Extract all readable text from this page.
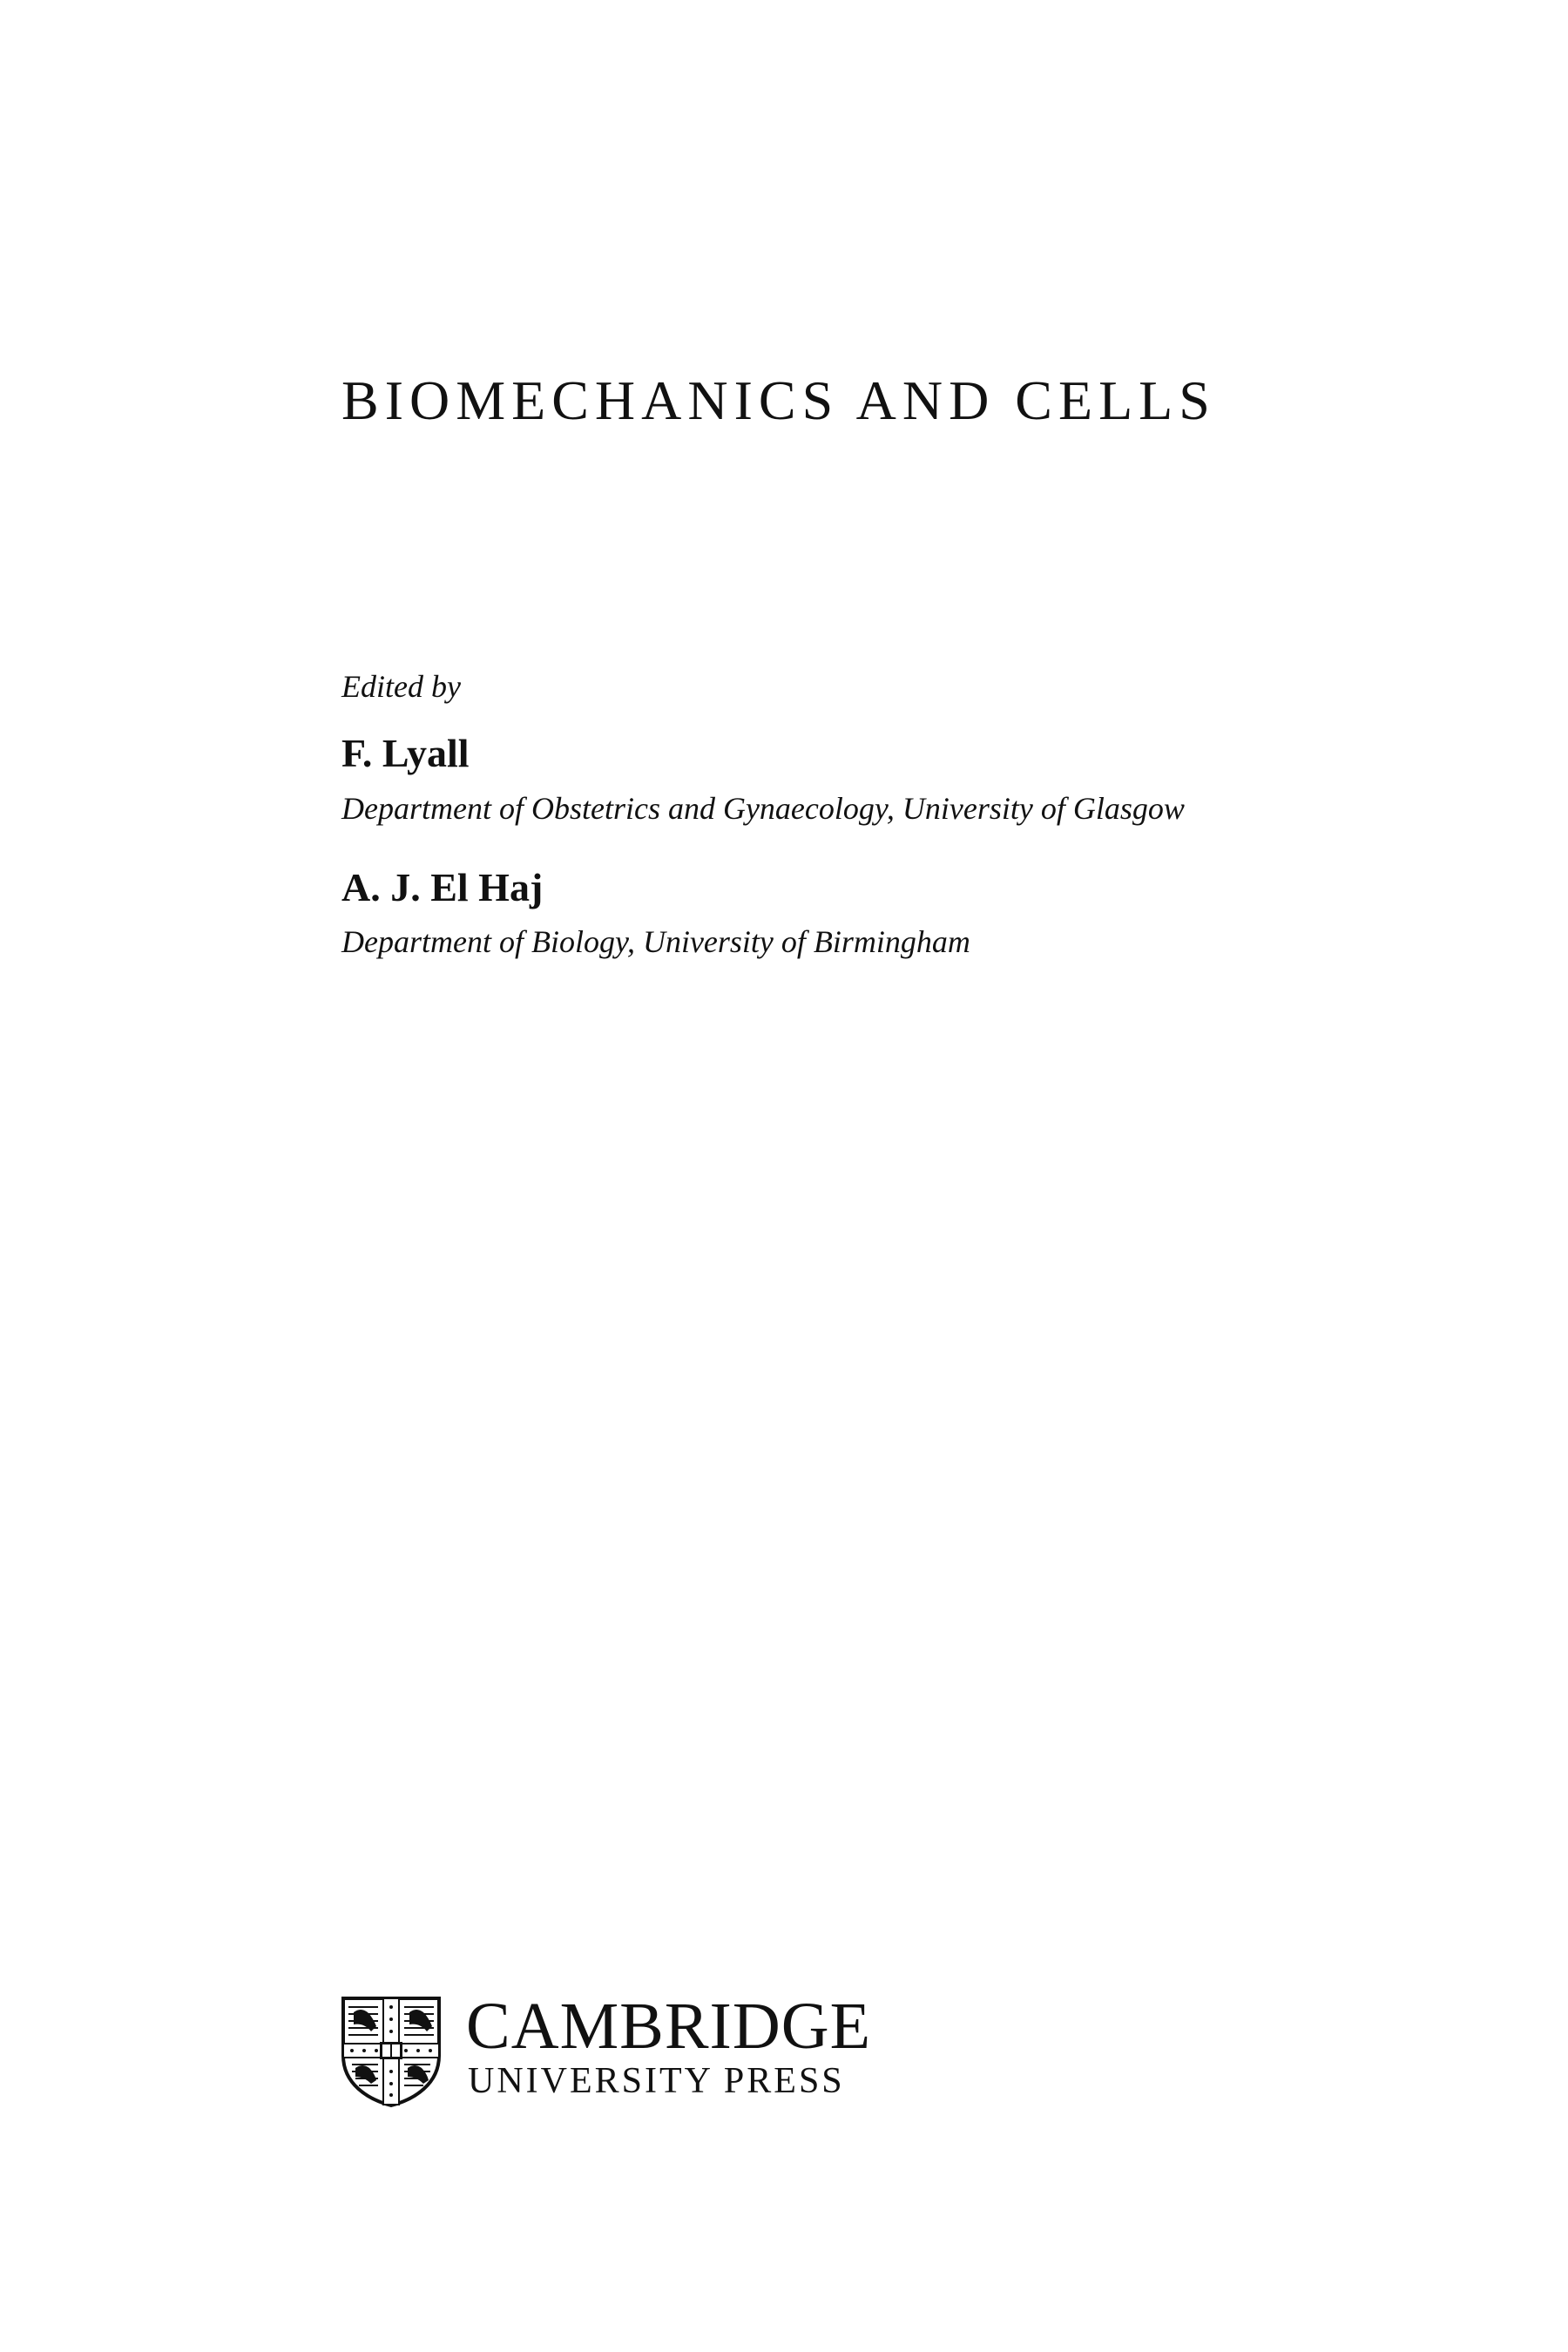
BIOMECHANICS AND CELLS
Edited by
F. Lyall
Department of Obstetrics and Gynaecology, University of Glasgow
A. J. El Haj
Department of Biology, University of Birmingham
CAMBRIDGE
UNIVERSITY PRESS
